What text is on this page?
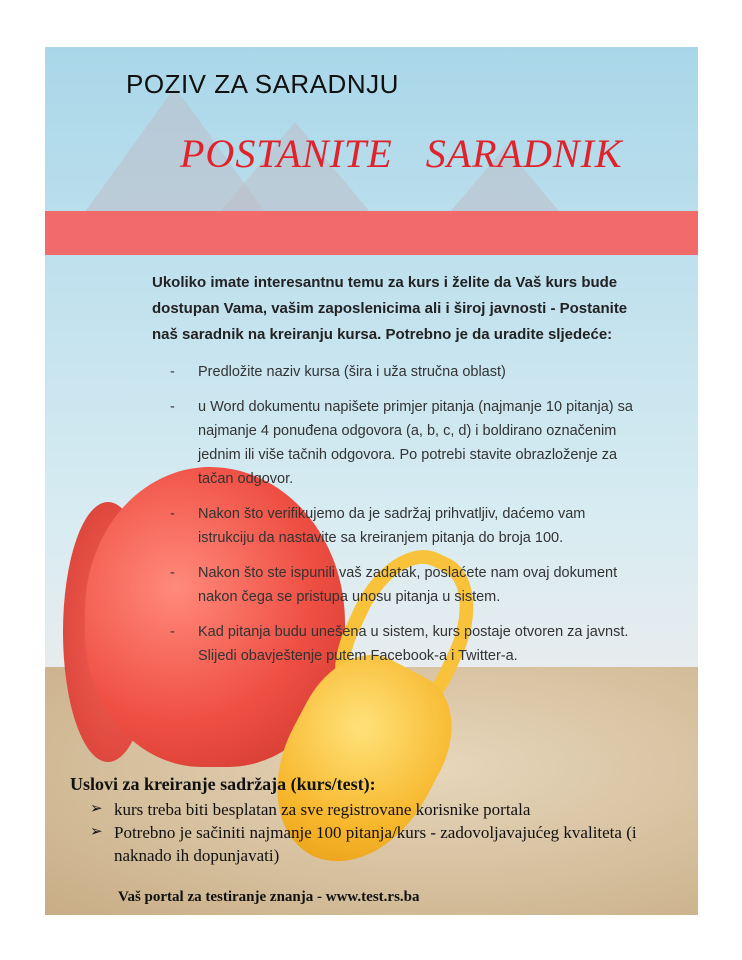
POZIV ZA SARADNJU
POSTANITE   SARADNIK
Ukoliko imate interesantnu temu za kurs i želite da Vaš kurs bude dostupan Vama, vašim zaposlenicima ali i široj javnosti - Postanite naš saradnik na kreiranju kursa. Potrebno je da uradite sljedeće:
- Predložite naziv kursa (šira i uža stručna oblast)
- u Word dokumentu napišete primjer pitanja (najmanje 10 pitanja) sa najmanje 4 ponuđena odgovora (a, b, c, d) i boldirano označenim jednim ili više tačnih odgovora. Po potrebi stavite obrazloženje za tačan odgovor.
- Nakon što verifikujemo da je sadržaj prihvatljiv, daćemo vam istrukciju da nastavite sa kreiranjem pitanja do broja 100.
- Nakon što ste ispunili vaš zadatak, poslaćete nam ovaj dokument nakon čega se pristupa unosu pitanja u sistem.
- Kad pitanja budu unešena u sistem, kurs postaje otvoren za javnst. Slijedi obavještenje putem Facebook-a i Twitter-a.
Uslovi za kreiranje sadržaja (kurs/test):
➢ kurs treba biti besplatan za sve registrovane korisnike portala
➢ Potrebno je sačiniti najmanje 100 pitanja/kurs - zadovoljavajućeg kvaliteta (i naknado ih dopunjavati)
Vaš portal za testiranje znanja - www.test.rs.ba
